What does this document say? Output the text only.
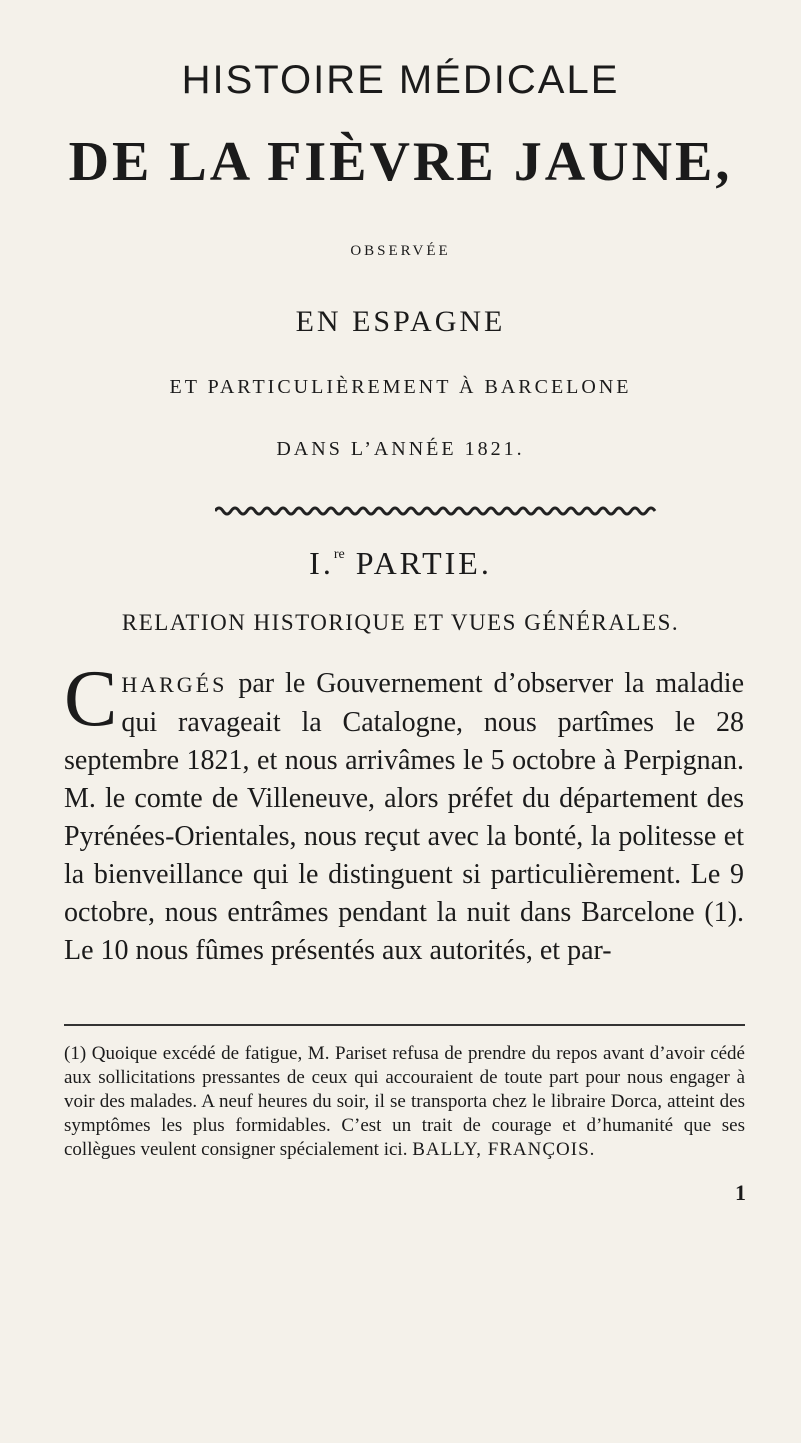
HISTOIRE MÉDICALE
DE LA FIÈVRE JAUNE,
OBSERVÉE
EN ESPAGNE
ET PARTICULIÈREMENT À BARCELONE
DANS L’ANNÉE 1821.
I.$^{re}$ PARTIE.
RELATION HISTORIQUE ET VUES GÉNÉRALES.
CHARGÉS par le Gouvernement d’observer la maladie qui ravageait la Catalogne, nous partîmes le 28 septembre 1821, et nous arrivâmes le 5 octobre à Perpignan. M. le comte de Villeneuve, alors préfet du département des Pyrénées-Orientales, nous reçut avec la bonté, la politesse et la bienveillance qui le distinguent si particulièrement. Le 9 octobre, nous entrâmes pendant la nuit dans Barcelone (1). Le 10 nous fûmes présentés aux autorités, et par-
(1) Quoique excédé de fatigue, M. Pariset refusa de prendre du repos avant d’avoir cédé aux sollicitations pressantes de ceux qui accouraient de toute part pour nous engager à voir des malades. A neuf heures du soir, il se transporta chez le libraire Dorca, atteint des symptômes les plus formidables. C’est un trait de courage et d’humanité que ses collègues veulent consigner spécialement ici. BALLY, FRANÇOIS.
1
